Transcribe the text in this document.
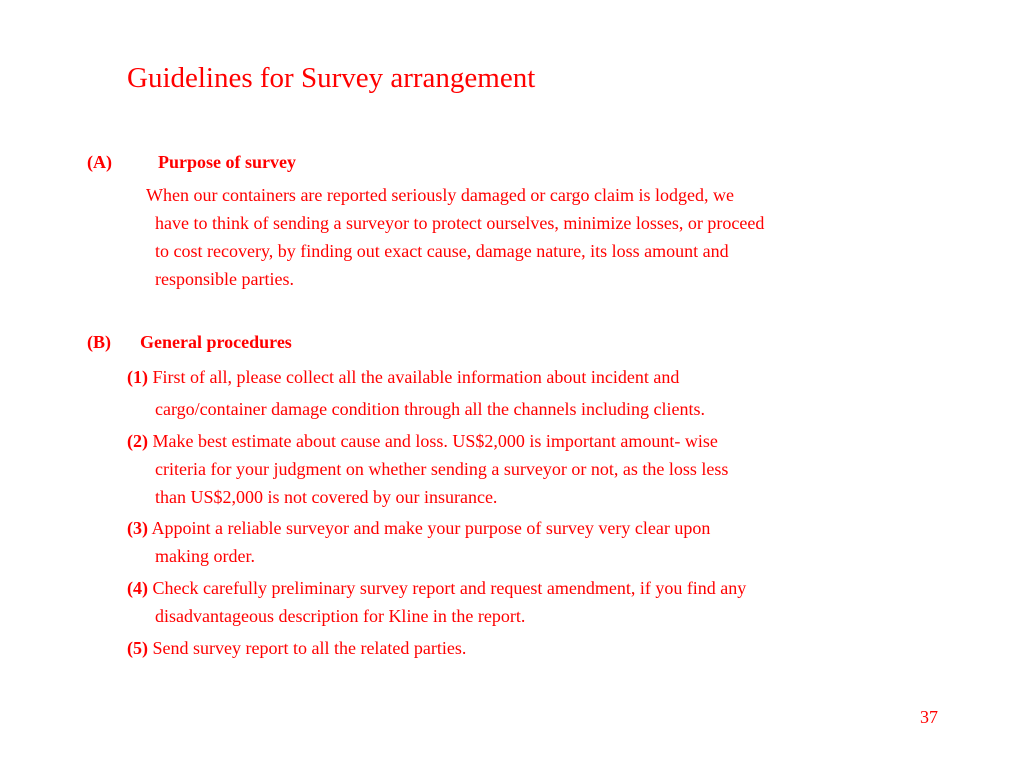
Guidelines for Survey arrangement
(A)	Purpose of survey
When our containers are reported seriously damaged or cargo claim is lodged, we
have to think of sending a surveyor to protect ourselves, minimize losses, or proceed
to cost recovery, by finding out exact cause, damage nature, its loss amount and
responsible parties.
(B) General procedures
(1) First of all, please collect all the available information about incident and
cargo/container damage condition through all the channels including clients.
(2) Make best estimate about cause and loss. US$2,000 is important amount- wise
criteria for your judgment on whether sending a surveyor or not, as the loss less
than US$2,000 is not covered by our insurance.
(3) Appoint a reliable surveyor and make your purpose of survey very clear upon
making order.
(4) Check carefully preliminary survey report and request amendment, if you find any
disadvantageous description for Kline in the report.
(5) Send survey report to all the related parties.
37
